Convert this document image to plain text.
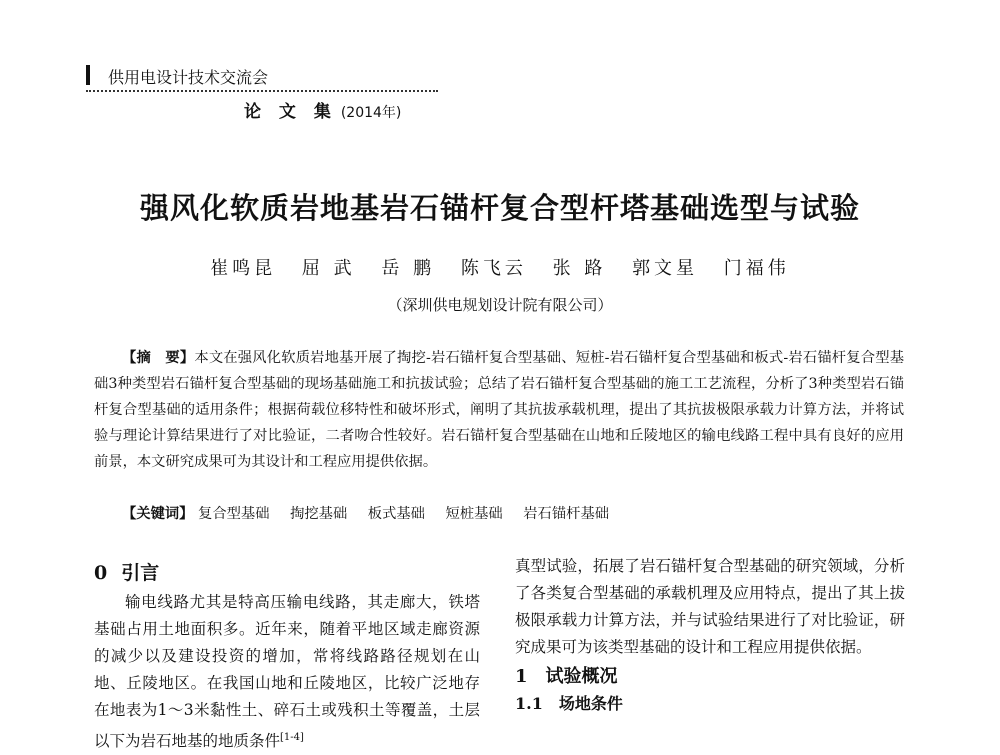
供用电设计技术交流会
论 文 集 (2014年)
强风化软质岩地基岩石锚杆复合型杆塔基础选型与试验
崔鸣昆 屈 武 岳 鹏 陈飞云 张 路 郭文星 门福伟
（深圳供电规划设计院有限公司）
【摘　要】本文在强风化软质岩地基开展了掏挖-岩石锚杆复合型基础、短桩-岩石锚杆复合型基础和板式-岩石锚杆复合型基础3种类型岩石锚杆复合型基础的现场基础施工和抗拔试验；总结了岩石锚杆复合型基础的施工工艺流程，分析了3种类型岩石锚杆复合型基础的适用条件；根据荷载位移特性和破坏形式，阐明了其抗拔承载机理，提出了其抗拔极限承载力计算方法，并将试验与理论计算结果进行了对比验证，二者吻合性较好。岩石锚杆复合型基础在山地和丘陵地区的输电线路工程中具有良好的应用前景，本文研究成果可为其设计和工程应用提供依据。
【关键词】 复合型基础 掏挖基础 板式基础 短桩基础 岩石锚杆基础
0 引言

输电线路尤其是特高压输电线路，其走廊大，铁塔基础占用土地面积多。近年来，随着平地区域走廊资源的减少以及建设投资的增加，常将线路路径规划在山地、丘陵地区。在我国山地和丘陵地区，比较广泛地存在地表为1～3米黏性土、碎石土或残积土等覆盖，土层以下为岩石地基的地质条件[1-4]

真型试验，拓展了岩石锚杆复合型基础的研究领域，分析了各类复合型基础的承载机理及应用特点，提出了其上拔极限承载力计算方法，并与试验结果进行了对比验证，研究成果可为该类型基础的设计和工程应用提供依据。

1　试验概况
1.1　场地条件
